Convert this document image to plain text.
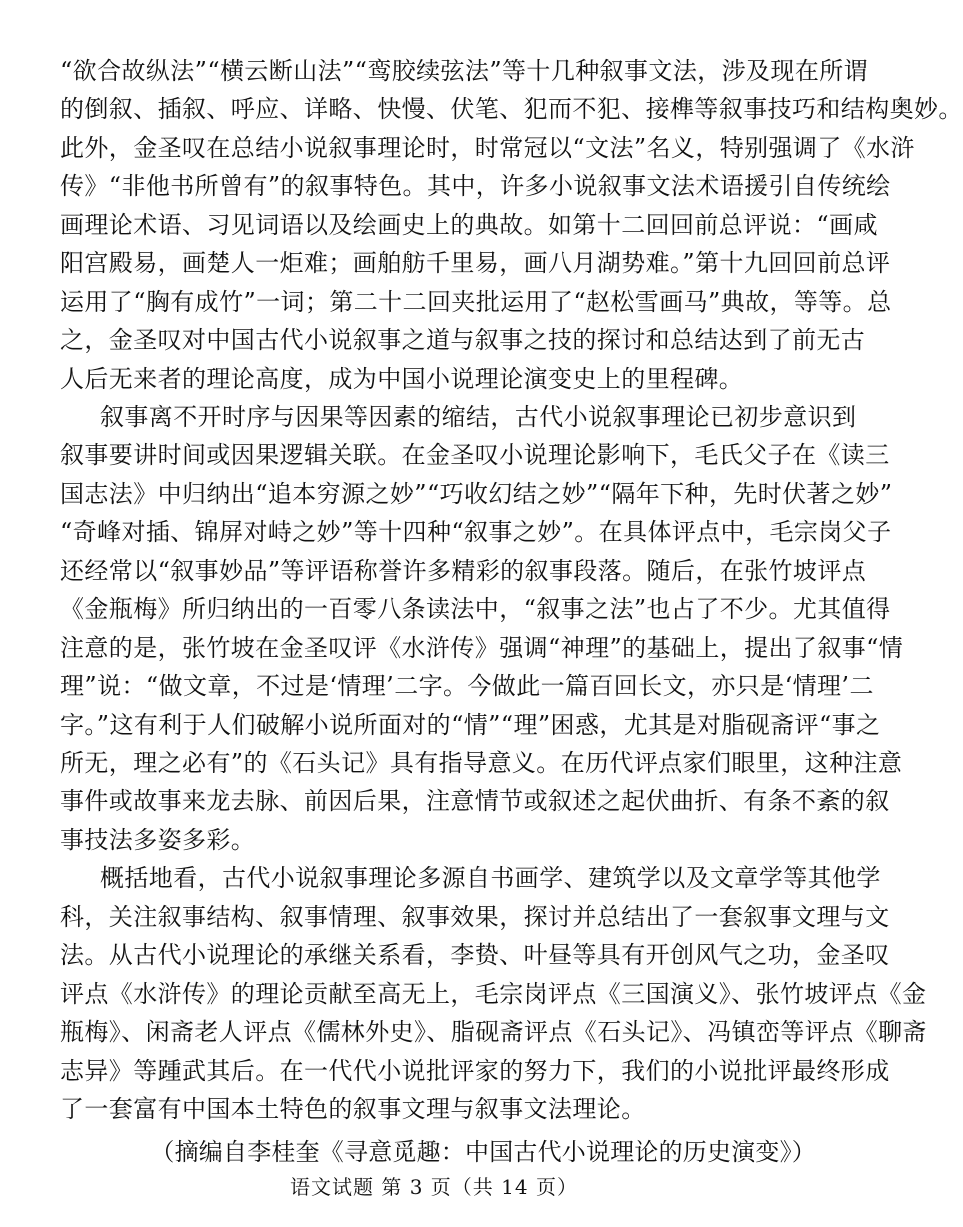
“欲合故纵法”“横云断山法”“鸾胶续弦法”等十几种叙事文法，涉及现在所谓
的倒叙、插叙、呼应、详略、快慢、伏笔、犯而不犯、接榫等叙事技巧和结构奥妙。
此外，金圣叹在总结小说叙事理论时，时常冠以“文法”名义，特别强调了《水浒
传》“非他书所曾有”的叙事特色。其中，许多小说叙事文法术语援引自传统绘
画理论术语、习见词语以及绘画史上的典故。如第十二回回前总评说：“画咸
阳宫殿易，画楚人一炬难；画舶舫千里易，画八月湖势难。”第十九回回前总评
运用了“胸有成竹”一词；第二十二回夹批运用了“赵松雪画马”典故，等等。总
之，金圣叹对中国古代小说叙事之道与叙事之技的探讨和总结达到了前无古
人后无来者的理论高度，成为中国小说理论演变史上的里程碑。
叙事离不开时序与因果等因素的缩结，古代小说叙事理论已初步意识到
叙事要讲时间或因果逻辑关联。在金圣叹小说理论影响下，毛氏父子在《读三
国志法》中归纳出“追本穷源之妙”“巧收幻结之妙”“隔年下种，先时伏著之妙”
“奇峰对插、锦屏对峙之妙”等十四种“叙事之妙”。在具体评点中，毛宗岗父子
还经常以“叙事妙品”等评语称誉许多精彩的叙事段落。随后，在张竹坡评点
《金瓶梅》所归纳出的一百零八条读法中，“叙事之法”也占了不少。尤其值得
注意的是，张竹坡在金圣叹评《水浒传》强调“神理”的基础上，提出了叙事“情
理”说：“做文章，不过是‘情理’二字。今做此一篇百回长文，亦只是‘情理’二
字。”这有利于人们破解小说所面对的“情”“理”困惑，尤其是对脂砚斋评“事之
所无，理之必有”的《石头记》具有指导意义。在历代评点家们眼里，这种注意
事件或故事来龙去脉、前因后果，注意情节或叙述之起伏曲折、有条不紊的叙
事技法多姿多彩。
概括地看，古代小说叙事理论多源自书画学、建筑学以及文章学等其他学
科，关注叙事结构、叙事情理、叙事效果，探讨并总结出了一套叙事文理与文
法。从古代小说理论的承继关系看，李贽、叶昼等具有开创风气之功，金圣叹
评点《水浒传》的理论贡献至高无上，毛宗岗评点《三国演义》、张竹坡评点《金
瓶梅》、闲斋老人评点《儒林外史》、脂砚斋评点《石头记》、冯镇峦等评点《聊斋
志异》等踵武其后。在一代代小说批评家的努力下，我们的小说批评最终形成
了一套富有中国本土特色的叙事文理与叙事文法理论。
（摘编自李桂奎《寻意觅趣：中国古代小说理论的历史演变》）
语文试题 第 3 页（共 14 页）
